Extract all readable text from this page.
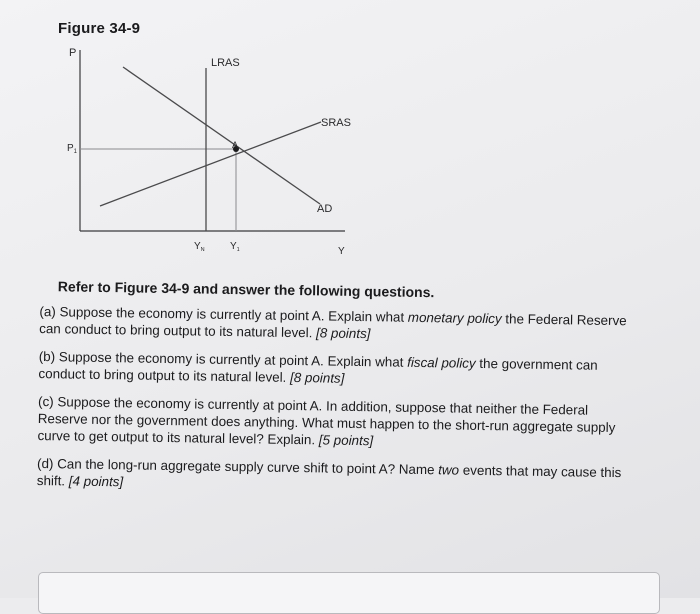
Figure 34-9
P
$P_1$
LRAS
SRAS
AD
A
$Y_N$	$Y_1$	Y
Refer to Figure 34-9 and answer the following questions.
(a) Suppose the economy is currently at point A. Explain what monetary policy the Federal Reserve can conduct to bring output to its natural level. [8 points]
(b) Suppose the economy is currently at point A. Explain what fiscal policy the government can conduct to bring output to its natural level. [8 points]
(c) Suppose the economy is currently at point A. In addition, suppose that neither the Federal Reserve nor the government does anything. What must happen to the short-run aggregate supply curve to get output to its natural level? Explain. [5 points]
(d) Can the long-run aggregate supply curve shift to point A? Name two events that may cause this shift. [4 points]
